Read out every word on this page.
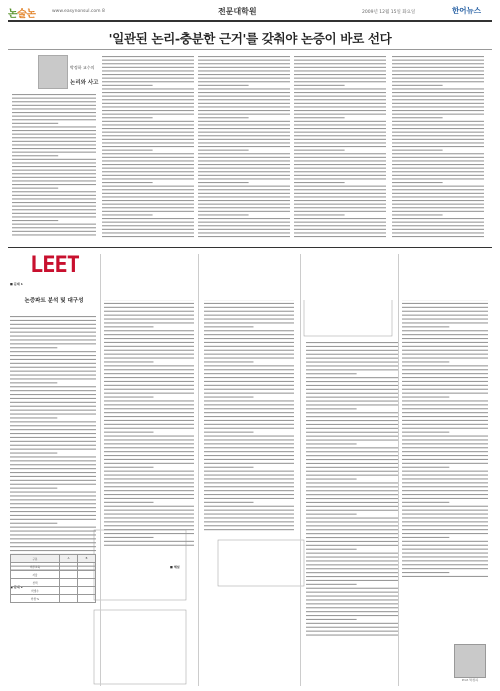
논술논	www.easynonsul.com 8	전문대학원	2009년 12월 15일 화요일	한어뉴스
'일관된 논리-충분한 근거'를 갖춰야 논증이 바로 선다
박정하 교수의
논리와 사고
LEET
논증파트 분석 및 대구성
■ 문제 1
■ 문제 2
■ 해설
구분	A	B
의무교육		
자율		
선택		
학생수		
학생 %		
Prof. 박정하
